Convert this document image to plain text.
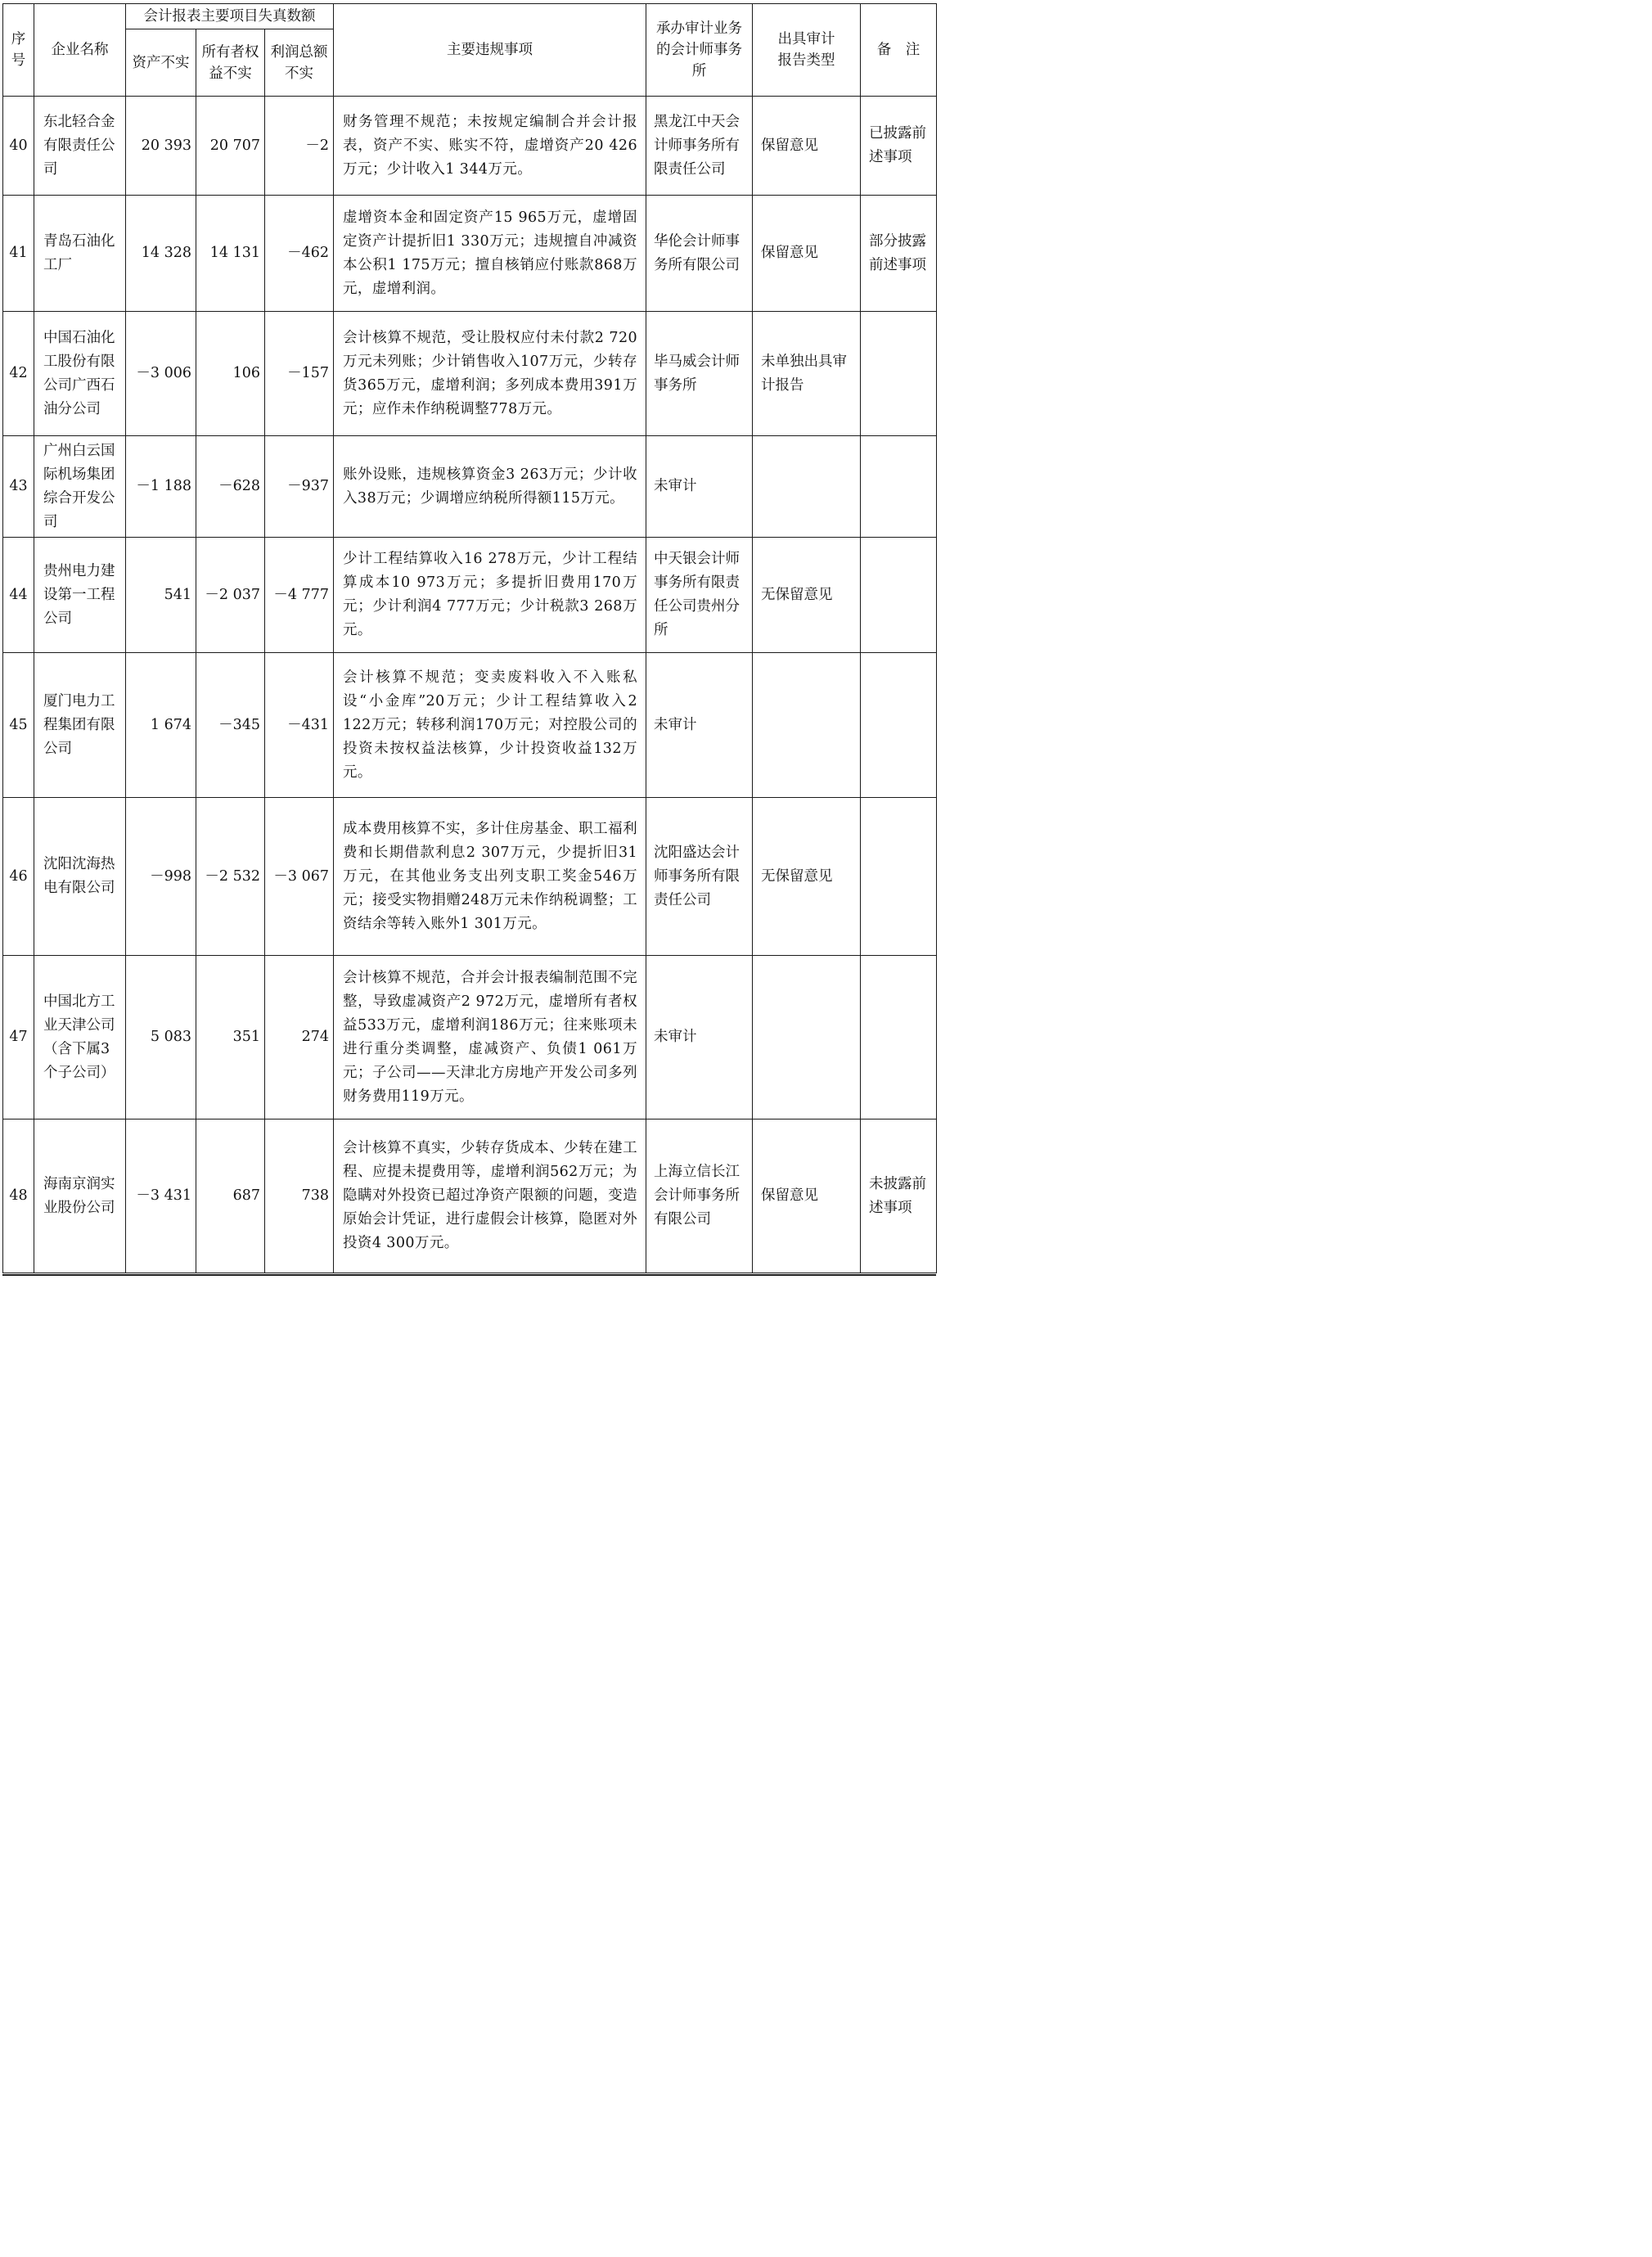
序号	企业名称	会计报表主要项目失真数额			主要违规事项	承办审计业务的会计师事务所	出具审计报告类型	备　注
		资产不实	所有者权益不实	利润总额不实				
40	东北轻合金有限责任公司	20 393	20 707	－2	财务管理不规范；未按规定编制合并会计报表，资产不实、账实不符，虚增资产20 426万元；少计收入1 344万元。	黑龙江中天会计师事务所有限责任公司	保留意见	已披露前述事项
41	青岛石油化工厂	14 328	14 131	－462	虚增资本金和固定资产15 965万元，虚增固定资产计提折旧1 330万元；违规擅自冲减资本公积1 175万元；擅自核销应付账款868万元，虚增利润。	华伦会计师事务所有限公司	保留意见	部分披露前述事项
42	中国石油化工股份有限公司广西石油分公司	－3 006	106	－157	会计核算不规范，受让股权应付未付款2 720万元未列账；少计销售收入107万元，少转存货365万元，虚增利润；多列成本费用391万元；应作未作纳税调整778万元。	毕马威会计师事务所	未单独出具审计报告	
43	广州白云国际机场集团综合开发公司	－1 188	－628	－937	账外设账，违规核算资金3 263万元；少计收入38万元；少调增应纳税所得额115万元。	未审计		
44	贵州电力建设第一工程公司	541	－2 037	－4 777	少计工程结算收入16 278万元，少计工程结算成本10 973万元；多提折旧费用170万元；少计利润4 777万元；少计税款3 268万元。	中天银会计师事务所有限责任公司贵州分所	无保留意见	
45	厦门电力工程集团有限公司	1 674	－345	－431	会计核算不规范；变卖废料收入不入账私设“小金库”20万元；少计工程结算收入2 122万元；转移利润170万元；对控股公司的投资未按权益法核算，少计投资收益132万元。	未审计		
46	沈阳沈海热电有限公司	－998	－2 532	－3 067	成本费用核算不实，多计住房基金、职工福利费和长期借款利息2 307万元，少提折旧31万元，在其他业务支出列支职工奖金546万元；接受实物捐赠248万元未作纳税调整；工资结余等转入账外1 301万元。	沈阳盛达会计师事务所有限责任公司	无保留意见	
47	中国北方工业天津公司（含下属3个子公司）	5 083	351	274	会计核算不规范，合并会计报表编制范围不完整，导致虚减资产2 972万元，虚增所有者权益533万元，虚增利润186万元；往来账项未进行重分类调整，虚减资产、负债1 061万元；子公司——天津北方房地产开发公司多列财务费用119万元。	未审计		
48	海南京润实业股份公司	－3 431	687	738	会计核算不真实，少转存货成本、少转在建工程、应提未提费用等，虚增利润562万元；为隐瞒对外投资已超过净资产限额的问题，变造原始会计凭证，进行虚假会计核算，隐匿对外投资4 300万元。	上海立信长江会计师事务所有限公司	保留意见	未披露前述事项
